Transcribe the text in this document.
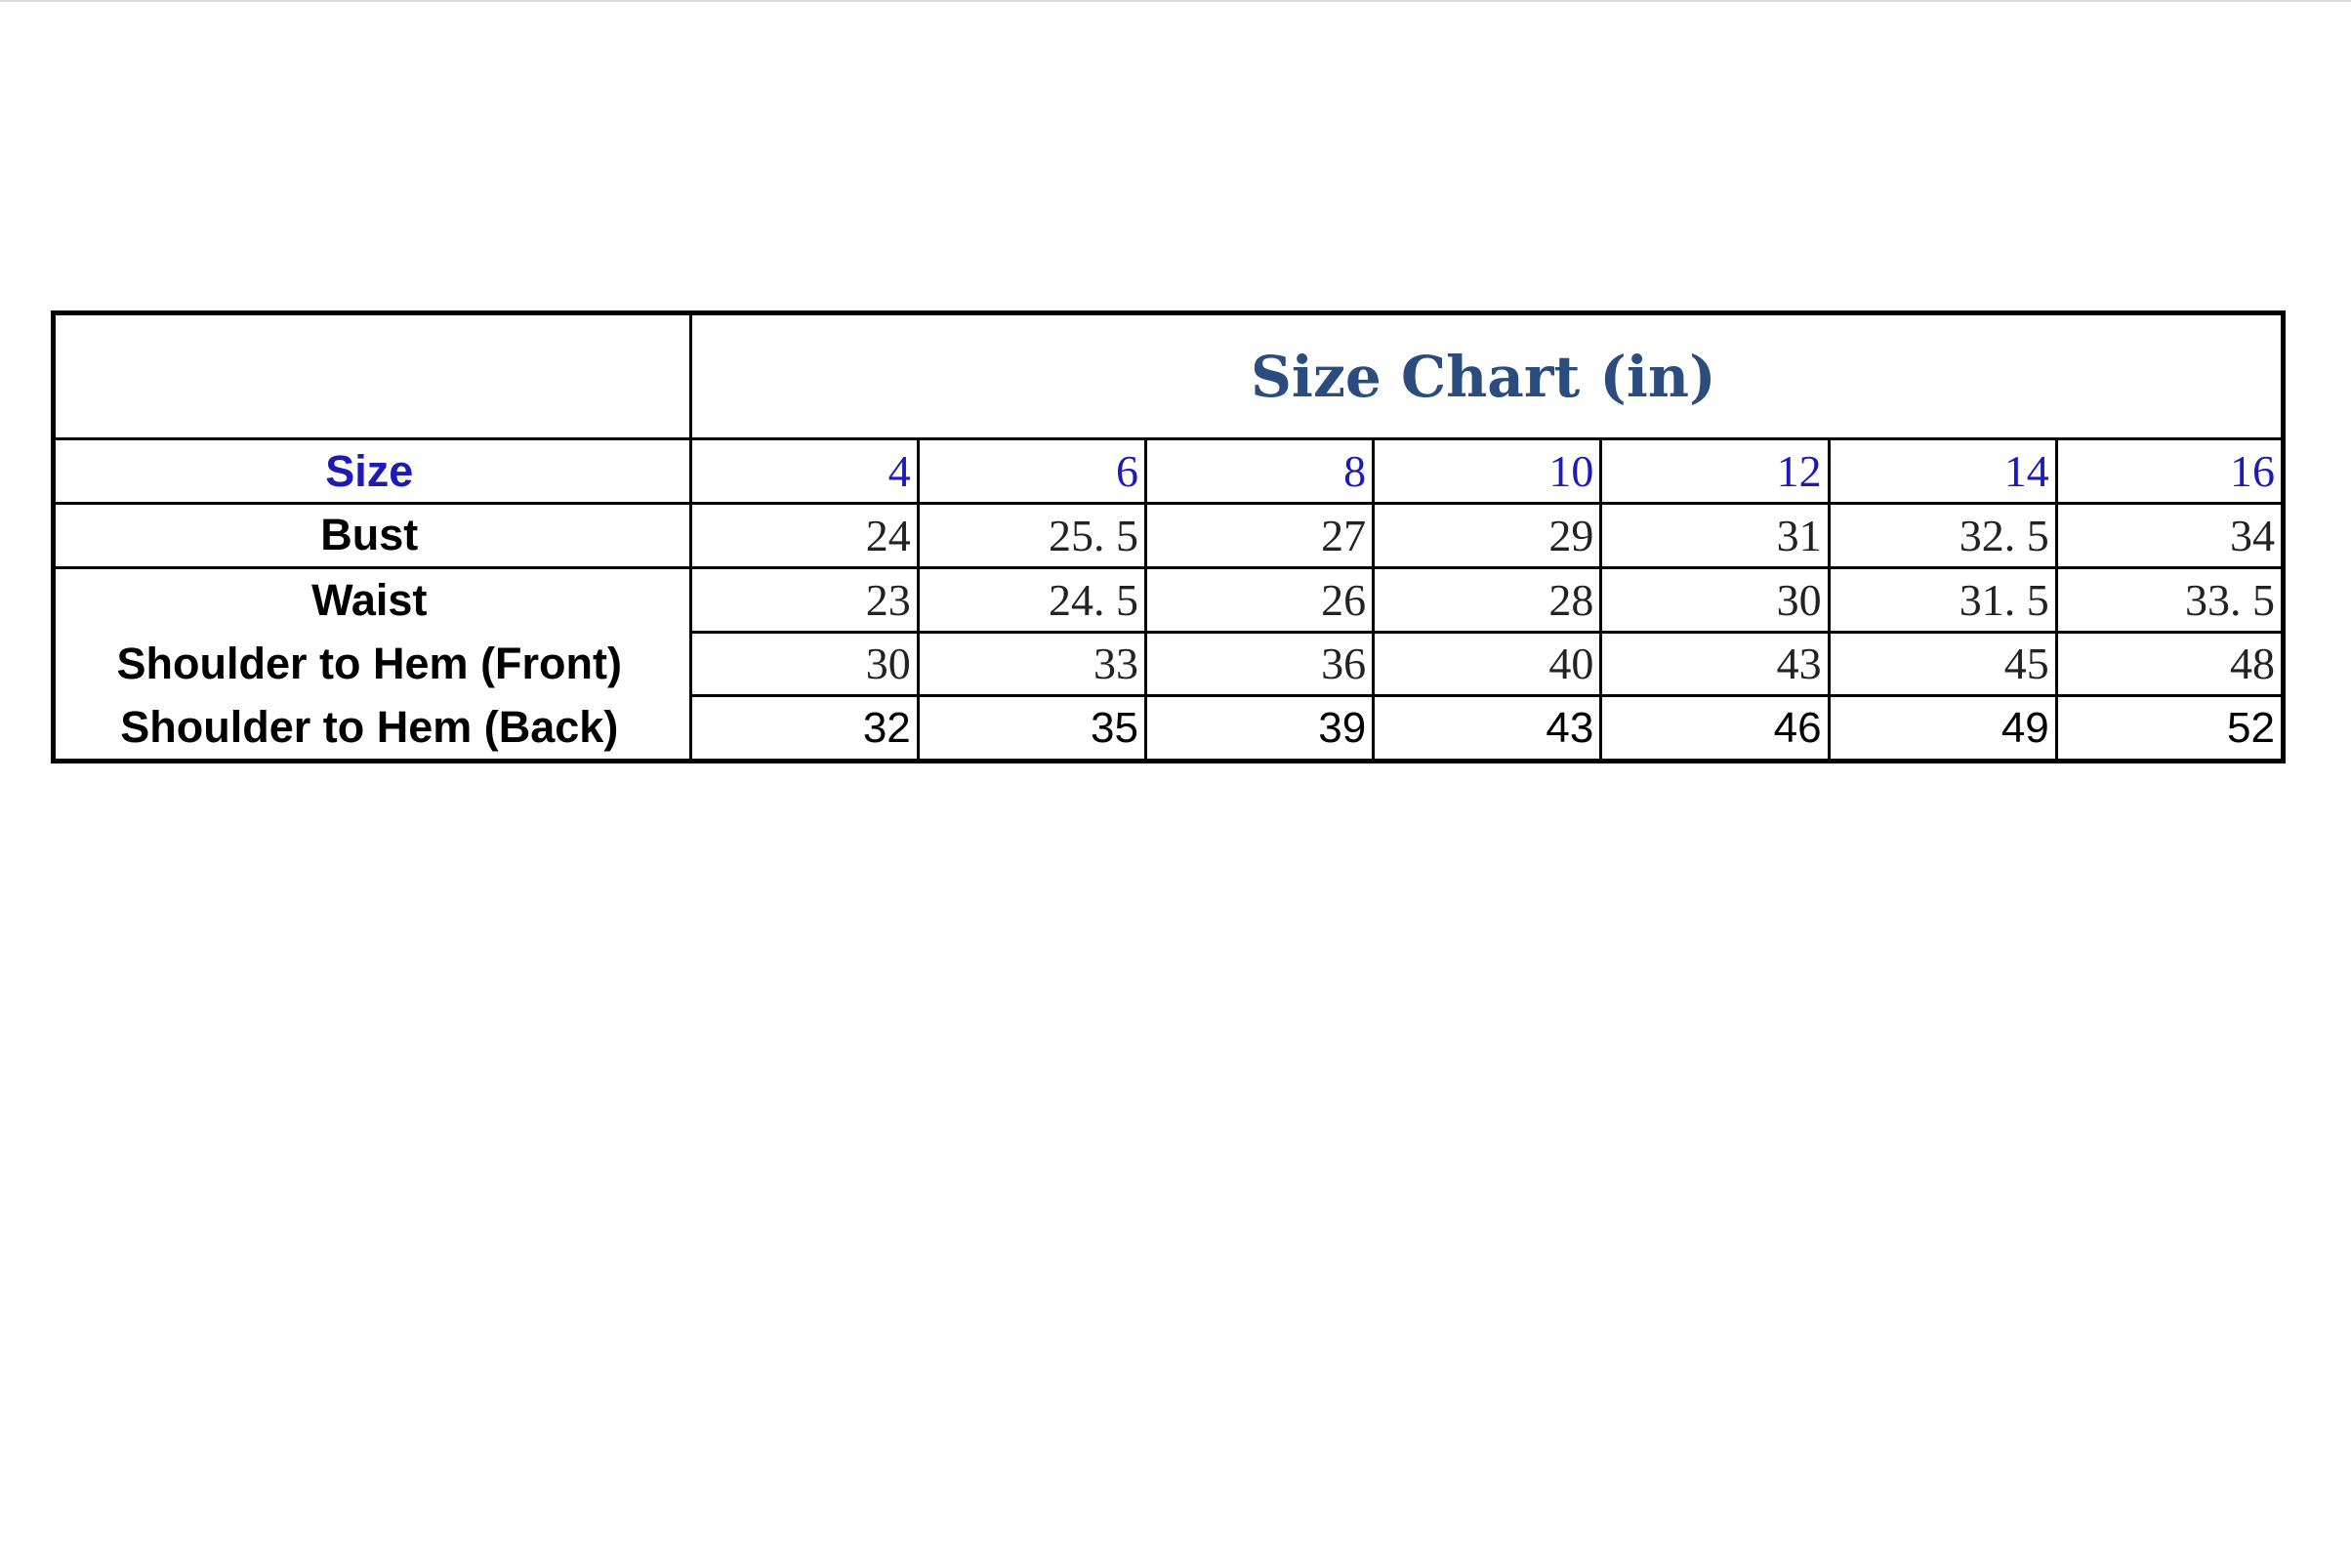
	Size Chart (in)						
Size	4	6	8	10	12	14	16
Bust	24	25. 5	27	29	31	32. 5	34
Waist	23	24. 5	26	28	30	31. 5	33. 5
Shoulder to Hem (Front)	30	33	36	40	43	45	48
Shoulder to Hem (Back)	32	35	39	43	46	49	52
